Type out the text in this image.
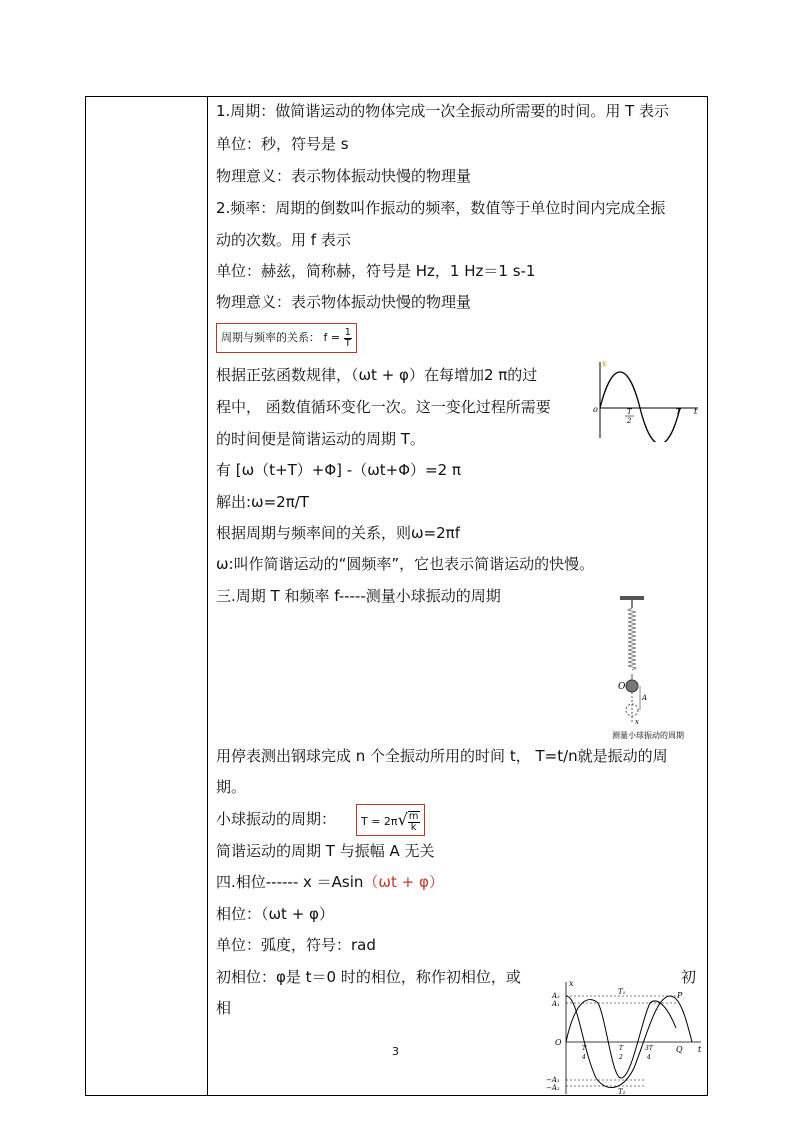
1.周期：做简谐运动的物体完成一次全振动所需要的时间。用 T 表示
单位：秒，符号是 s
物理意义：表示物体振动快慢的物理量
2.频率：周期的倒数叫作振动的频率，数值等于单位时间内完成全振
动的次数。用 f 表示
单位：赫兹，简称赫，符号是 Hz，1 Hz＝1 s-1
物理意义：表示物体振动快慢的物理量
周期与频率的关系： $f = \frac{1}{T}$
根据正弦函数规律，（ωt + φ）在每增加2 π的过
程中， 函数值循环变化一次。这一变化过程所需要
的时间便是简谐运动的周期 T。
有 [ω（t+T）+Φ] -（ωt+Φ）=2 π
解出:ω=2π/T
根据周期与频率间的关系，则ω=2πf
ω:叫作简谐运动的“圆频率”，它也表示简谐运动的快慢。
三.周期 T 和频率 f-----测量小球振动的周期
用停表测出钢球完成 n 个全振动所用的时间 t， T=t/n就是振动的周
期。
小球振动的周期：	$T = 2\pi√ \frac{m}{k}$
简谐运动的周期 T 与振幅 A 无关
四.相位------ x ＝Asin（ωt + φ）
相位：（ωt + φ）
单位：弧度，符号：rad
初相位：φ是 t＝0 时的相位，称作初相位，或	初
相
x
o	t
T
2
T
O
A
x
测量小球振动的周期
x
O
t
A₂
A₁
−A₁
−A₂
T₁
T₂
P
Q
T
4
T
2
3T
4
3
